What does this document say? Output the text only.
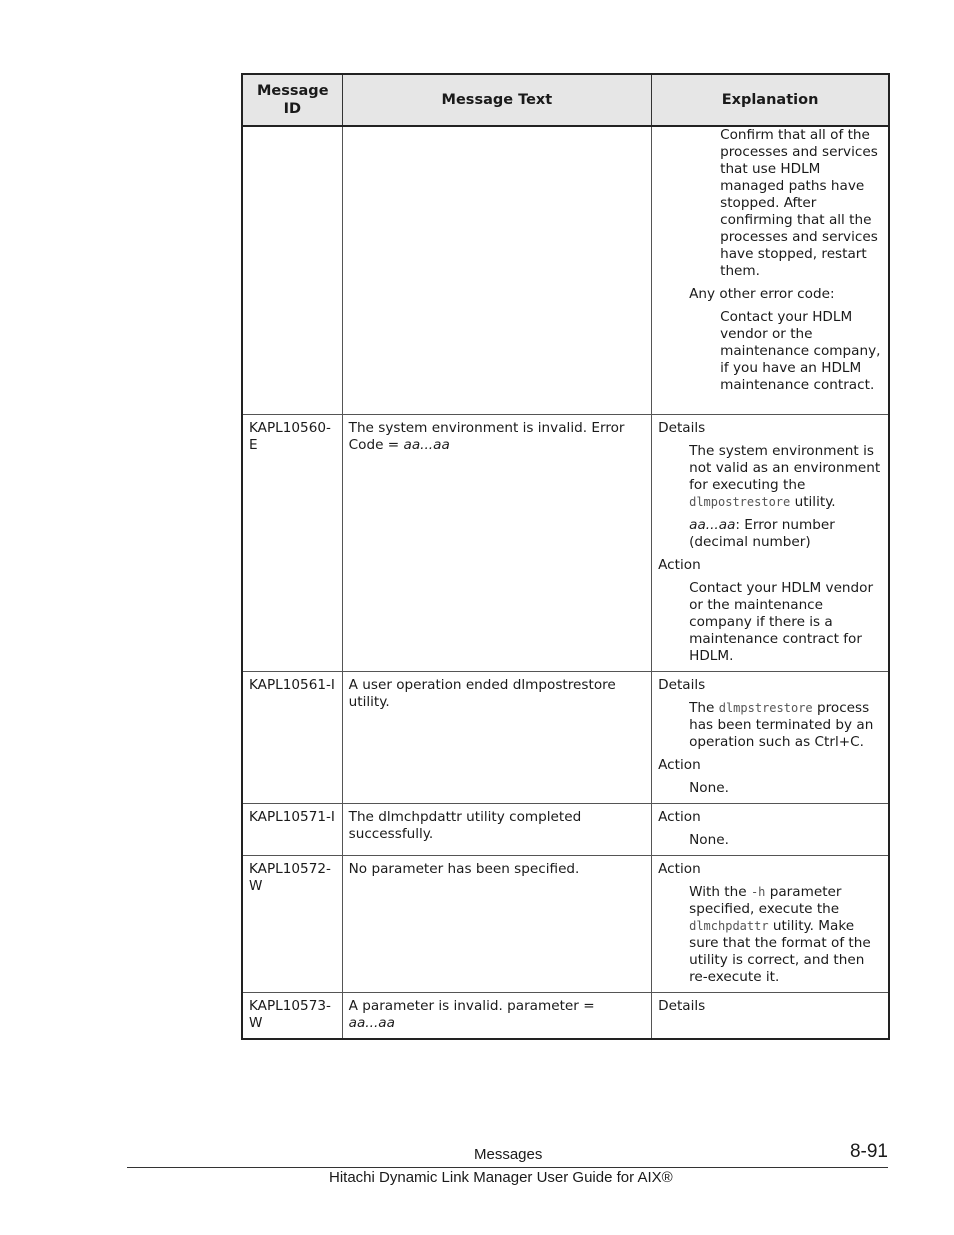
Message ID	Message Text	Explanation

		Confirm that all of the processes and services that use HDLM managed paths have stopped. After confirming that all the processes and services have stopped, restart them.

Any other error code:

Contact your HDLM vendor or the maintenance company, if you have an HDLM maintenance contract.

KAPL10560-E	The system environment is invalid. Error Code = aa...aa	Details

The system environment is not valid as an environment for executing the dlmpostrestore utility.

aa...aa: Error number (decimal number)

Action

Contact your HDLM vendor or the maintenance company if there is a maintenance contract for HDLM.

KAPL10561-I	A user operation ended dlmpostrestore utility.	Details

The dlmpstrestore process has been terminated by an operation such as Ctrl+C.

Action

None.

KAPL10571-I	The dlmchpdattr utility completed successfully.	Action

None.

KAPL10572-W	No parameter has been specified.	Action

With the -h parameter specified, execute the dlmchpdattr utility. Make sure that the format of the utility is correct, and then re-execute it.

KAPL10573-W	A parameter is invalid. parameter = aa...aa	Details

Messages	8-91
Hitachi Dynamic Link Manager User Guide for AIX®
